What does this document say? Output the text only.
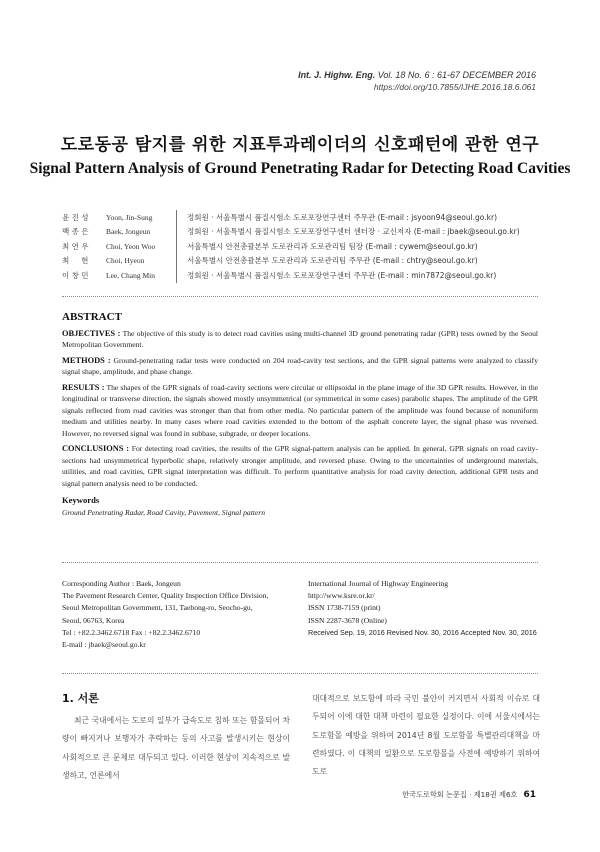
Int. J. Highw. Eng. Vol. 18 No. 6 : 61-67 DECEMBER 2016
https://doi.org/10.7855/IJHE.2016.18.6.061
도로동공 탐지를 위한 지표투과레이더의 신호패턴에 관한 연구
Signal Pattern Analysis of Ground Penetrating Radar for Detecting Road Cavities
윤 진 성	Yoon, Jin-Sung	정회원 · 서울특별시 품질시험소 도로포장연구센터 주무관 (E-mail : jsyoon94@seoul.go.kr)
백 종 은	Baek, Jongeun	정회원 · 서울특별시 품질시험소 도로포장연구센터 센터장 · 교신저자 (E-mail : jbaek@seoul.go.kr)
최 연 우	Choi, Yeon Woo	서울특별시 안전총괄본부 도로관리과 도로관리팀 팀장 (E-mail : cywem@seoul.go.kr)
최     현	Choi, Hyeon	서울특별시 안전총괄본부 도로관리과 도로관리팀 주무관 (E-mail : chtry@seoul.go.kr)
이 창 민	Lee, Chang Min	정회원 · 서울특별시 품질시험소 도로포장연구센터 주무관 (E-mail : min7872@seoul.go.kr)
ABSTRACT

OBJECTIVES : The objective of this study is to detect road cavities using multi-channel 3D ground penetrating radar (GPR) tests owned by the Seoul Metropolitan Government.

METHODS : Ground-penetrating radar tests were conducted on 204 road-cavity test sections, and the GPR signal patterns were analyzed to classify signal shape, amplitude, and phase change.

RESULTS : The shapes of the GPR signals of road-cavity sections were circular or ellipsoidal in the plane image of the 3D GPR results. However, in the longitudinal or transverse direction, the signals showed mostly unsymmetrical (or symmetrical in some cases) parabolic shapes. The amplitude of the GPR signals reflected from road cavities was stronger than that from other media. No particular pattern of the amplitude was found because of nonuniform medium and utilities nearby. In many cases where road cavities extended to the bottom of the asphalt concrete layer, the signal phase was reversed. However, no reversed signal was found in subbase, subgrade, or deeper locations.

CONCLUSIONS : For detecting road cavities, the results of the GPR signal-pattern analysis can be applied. In general, GPR signals on road cavity-sections had unsymmetrical hyperbolic shape, relatively stronger amplitude, and reversed phase. Owing to the uncertainties of underground materials, utilities, and road cavities, GPR signal interpretation was difficult. To perform quantitative analysis for road cavity detection, additional GPR tests and signal pattern analysis need to be conducted.

Keywords
Ground Penetrating Radar, Road Cavity, Pavement, Signal pattern
Corresponding Author : Baek, Jongeun
The Pavement Research Center, Quality Inspection Office Division,
Seoul Metropolitan Government, 131, Taebong-ro, Seocho-gu,
Seoul, 06763, Korea
Tel : +82.2.3462.6718 Fax : +82.2.3462.6710
E-mail : jbaek@seoul.go.kr
International Journal of Highway Engineering
http://www.ksre.or.kr/
ISSN 1738-7159 (print)
ISSN 2287-3678 (Online)
Received Sep. 19, 2016 Revised Nov. 30, 2016 Accepted Nov. 30, 2016
1. 서론

최근 국내에서는 도로의 일부가 급속도로 침하 또는 함몰되어 차량이 빠지거나 보행자가 추락하는 등의 사고를 발생시키는 현상이 사회적으로 큰 문제로 대두되고 있다. 이러한 현상이 지속적으로 발생하고, 언론에서

대대적으로 보도함에 따라 국민 불안이 커지면서 사회적 이슈로 대두되어 이에 대한 대책 마련이 필요한 실정이다. 이에 서울시에서는 도로함몰 예방을 위하여 2014년 8월 도로함몰 특별관리대책을 마련하였다. 이 대책의 일환으로 도로함몰을 사전에 예방하기 위하여 도로

한국도로학회 논문집 · 제18권 제6호 61
